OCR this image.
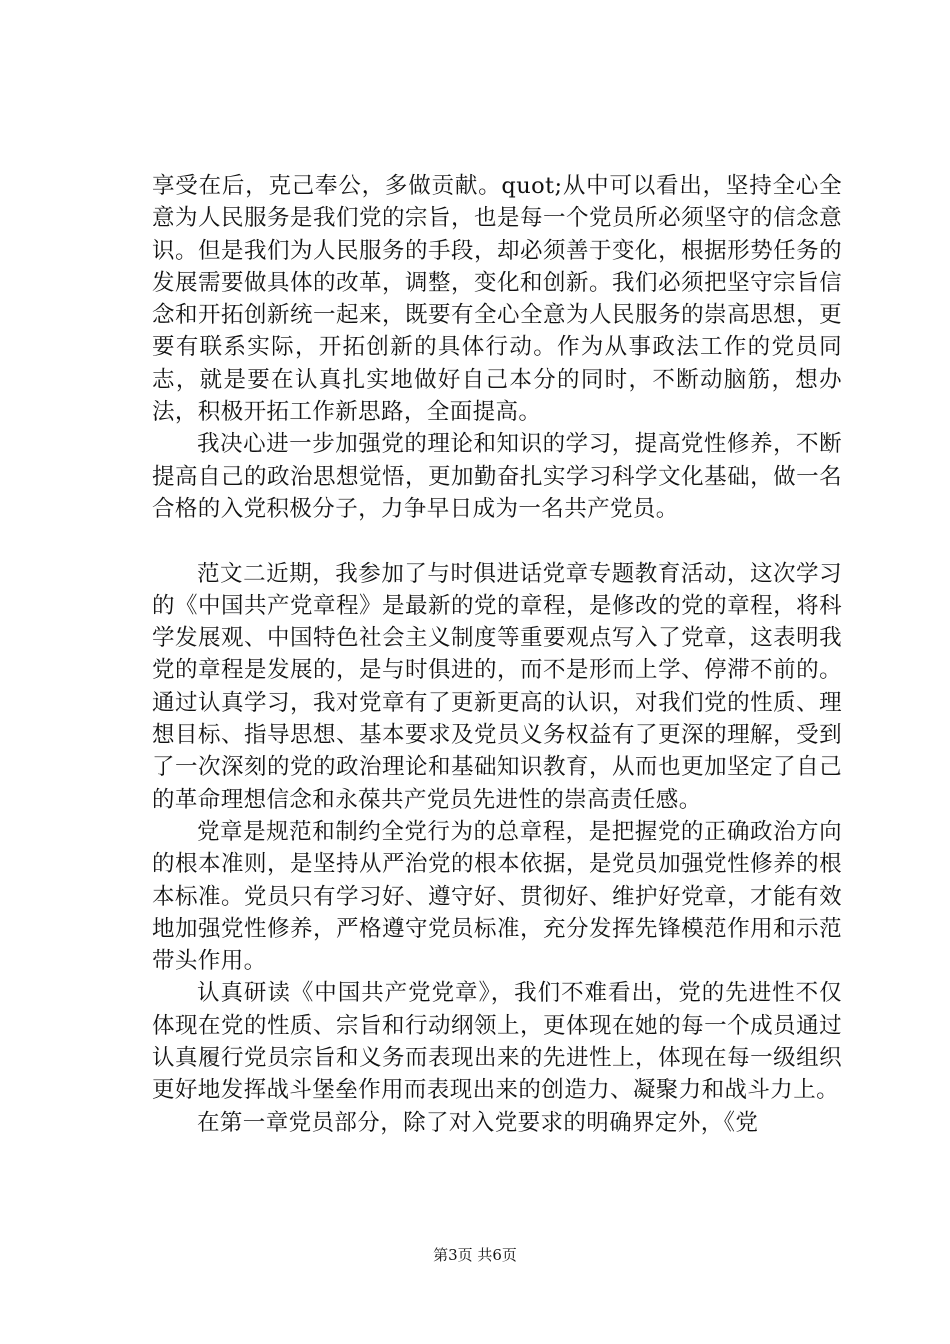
享受在后，克己奉公，多做贡献。quot;从中可以看出，坚持全心全意为人民服务是我们党的宗旨，也是每一个党员所必须坚守的信念意识。但是我们为人民服务的手段，却必须善于变化，根据形势任务的发展需要做具体的改革，调整，变化和创新。我们必须把坚守宗旨信念和开拓创新统一起来，既要有全心全意为人民服务的崇高思想，更要有联系实际，开拓创新的具体行动。作为从事政法工作的党员同志，就是要在认真扎实地做好自己本分的同时，不断动脑筋，想办法，积极开拓工作新思路，全面提高。

我决心进一步加强党的理论和知识的学习，提高党性修养，不断提高自己的政治思想觉悟，更加勤奋扎实学习科学文化基础，做一名合格的入党积极分子，力争早日成为一名共产党员。

范文二近期，我参加了与时俱进话党章专题教育活动，这次学习的《中国共产党章程》是最新的党的章程，是修改的党的章程，将科学发展观、中国特色社会主义制度等重要观点写入了党章，这表明我党的章程是发展的，是与时俱进的，而不是形而上学、停滞不前的。通过认真学习，我对党章有了更新更高的认识，对我们党的性质、理想目标、指导思想、基本要求及党员义务权益有了更深的理解，受到了一次深刻的党的政治理论和基础知识教育，从而也更加坚定了自己的革命理想信念和永葆共产党员先进性的崇高责任感。

党章是规范和制约全党行为的总章程，是把握党的正确政治方向的根本准则，是坚持从严治党的根本依据，是党员加强党性修养的根本标准。党员只有学习好、遵守好、贯彻好、维护好党章，才能有效地加强党性修养，严格遵守党员标准，充分发挥先锋模范作用和示范带头作用。

认真研读《中国共产党党章》，我们不难看出，党的先进性不仅体现在党的性质、宗旨和行动纲领上，更体现在她的每一个成员通过认真履行党员宗旨和义务而表现出来的先进性上，体现在每一级组织更好地发挥战斗堡垒作用而表现出来的创造力、凝聚力和战斗力上。

在第一章党员部分，除了对入党要求的明确界定外，《党

第3页 共6页
